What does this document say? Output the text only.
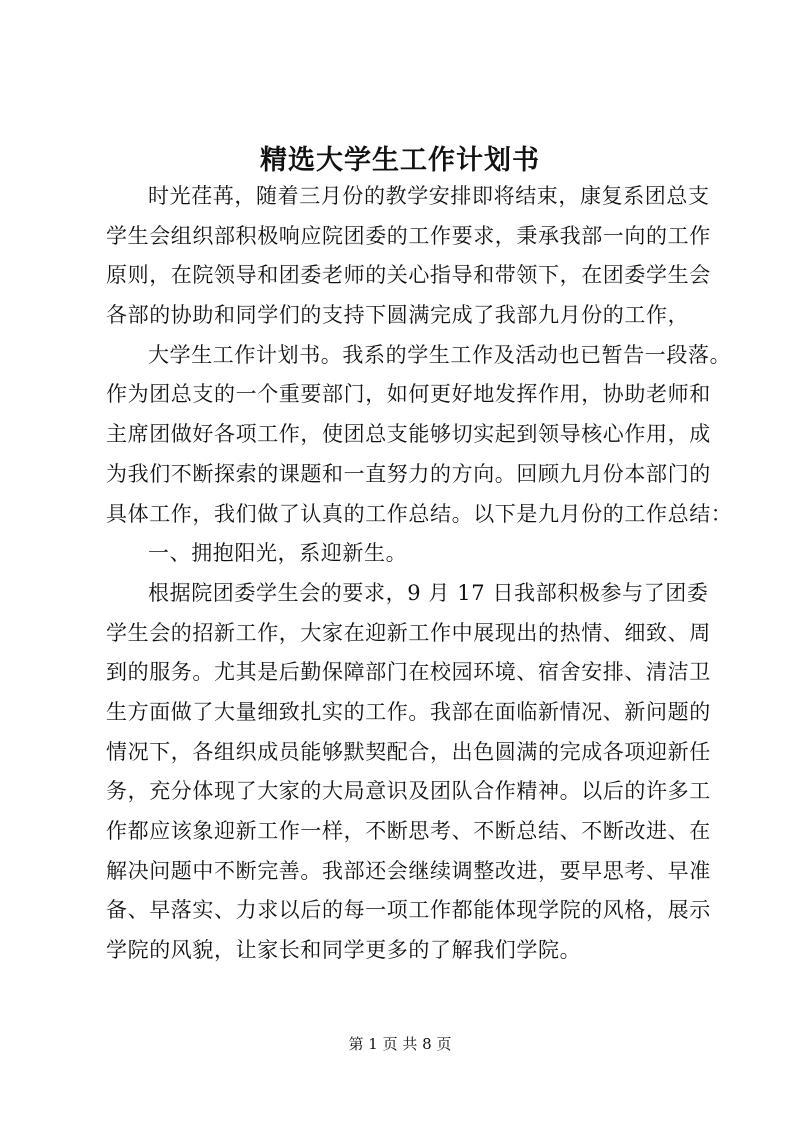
精选大学生工作计划书
时光荏苒，随着三月份的教学安排即将结束，康复系团总支
学生会组织部积极响应院团委的工作要求，秉承我部一向的工作
原则，在院领导和团委老师的关心指导和带领下，在团委学生会
各部的协助和同学们的支持下圆满完成了我部九月份的工作，
大学生工作计划书。我系的学生工作及活动也已暂告一段落。
作为团总支的一个重要部门，如何更好地发挥作用，协助老师和
主席团做好各项工作，使团总支能够切实起到领导核心作用，成
为我们不断探索的课题和一直努力的方向。回顾九月份本部门的
具体工作，我们做了认真的工作总结。以下是九月份的工作总结：
一、拥抱阳光，系迎新生。
根据院团委学生会的要求，9 月 17 日我部积极参与了团委
学生会的招新工作，大家在迎新工作中展现出的热情、细致、周
到的服务。尤其是后勤保障部门在校园环境、宿舍安排、清洁卫
生方面做了大量细致扎实的工作。我部在面临新情况、新问题的
情况下，各组织成员能够默契配合，出色圆满的完成各项迎新任
务，充分体现了大家的大局意识及团队合作精神。以后的许多工
作都应该象迎新工作一样，不断思考、不断总结、不断改进、在
解决问题中不断完善。我部还会继续调整改进，要早思考、早准
备、早落实、力求以后的每一项工作都能体现学院的风格，展示
学院的风貌，让家长和同学更多的了解我们学院。
第 1 页 共 8 页
